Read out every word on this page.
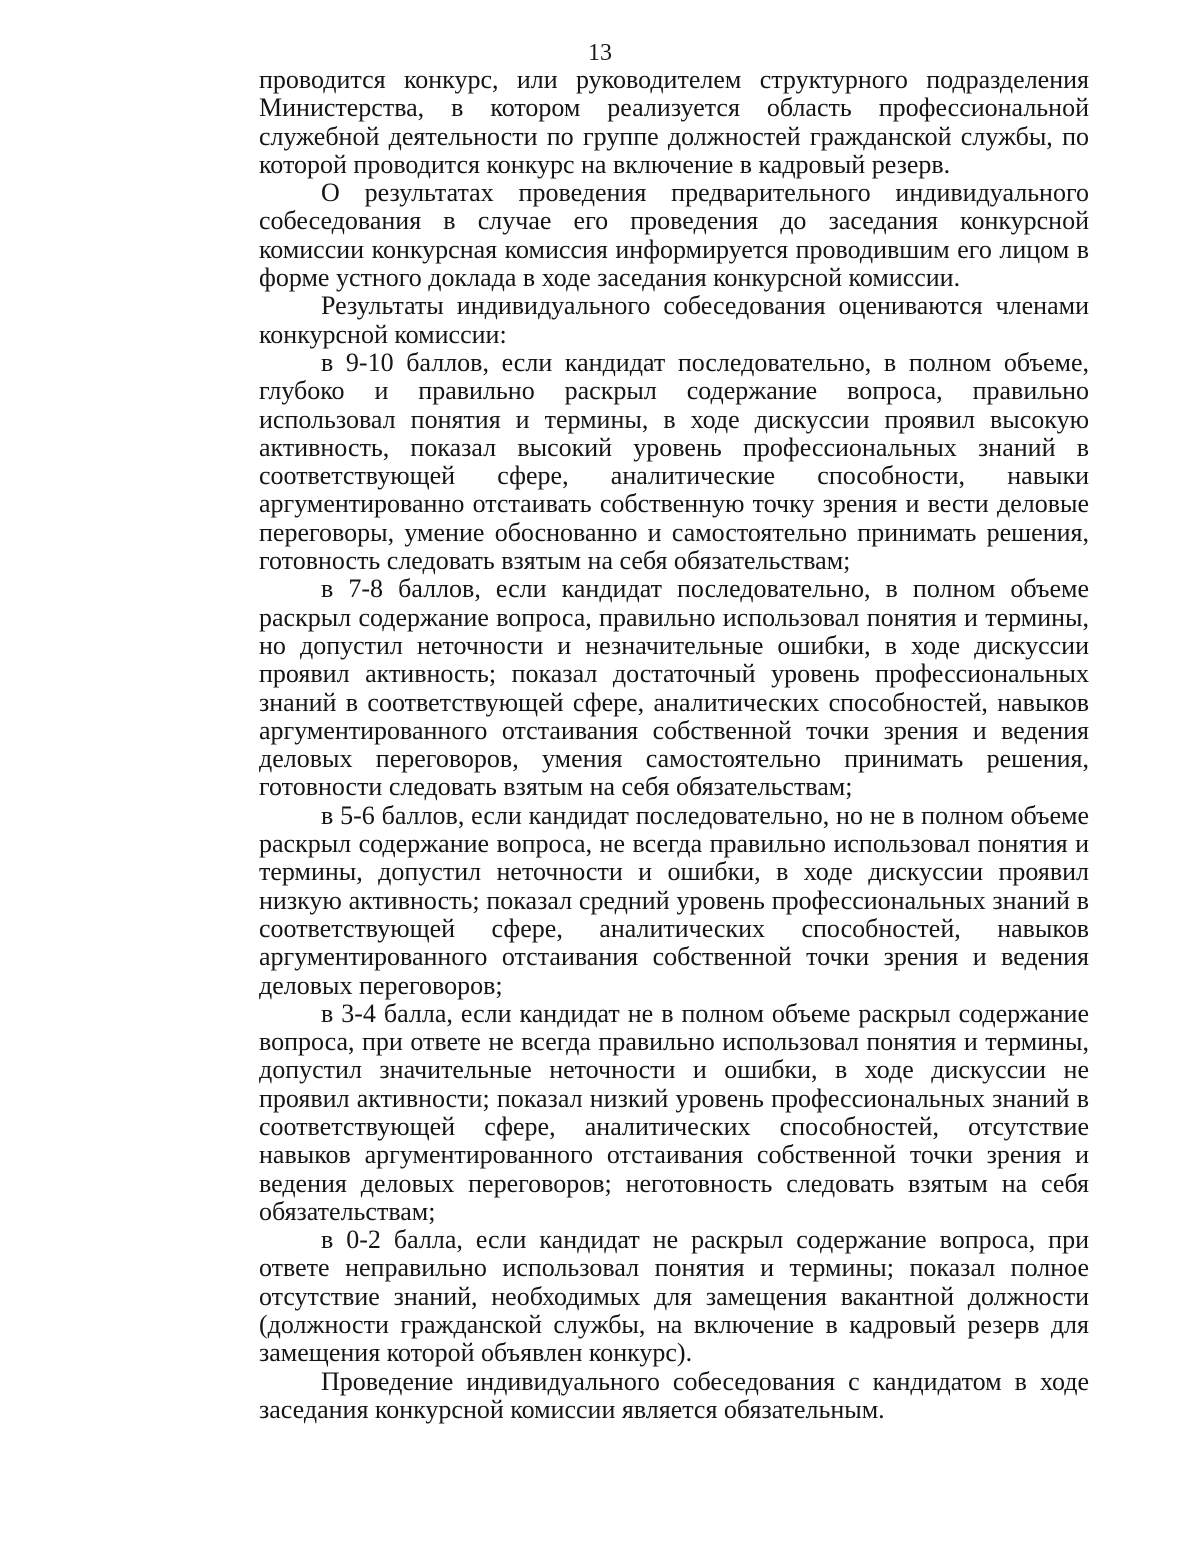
13

проводится конкурс, или руководителем структурного подразделения Министерства, в котором реализуется область профессиональной служебной деятельности по группе должностей гражданской службы, по которой проводится конкурс на включение в кадровый резерв.

О результатах проведения предварительного индивидуального собеседования в случае его проведения до заседания конкурсной комиссии конкурсная комиссия информируется проводившим его лицом в форме устного доклада в ходе заседания конкурсной комиссии.

Результаты индивидуального собеседования оцениваются членами конкурсной комиссии:

в 9-10 баллов, если кандидат последовательно, в полном объеме, глубоко и правильно раскрыл содержание вопроса, правильно использовал понятия и термины, в ходе дискуссии проявил высокую активность, показал высокий уровень профессиональных знаний в соответствующей сфере, аналитические способности, навыки аргументированно отстаивать собственную точку зрения и вести деловые переговоры, умение обоснованно и самостоятельно принимать решения, готовность следовать взятым на себя обязательствам;

в 7-8 баллов, если кандидат последовательно, в полном объеме раскрыл содержание вопроса, правильно использовал понятия и термины, но допустил неточности и незначительные ошибки, в ходе дискуссии проявил активность; показал достаточный уровень профессиональных знаний в соответствующей сфере, аналитических способностей, навыков аргументированного отстаивания собственной точки зрения и ведения деловых переговоров, умения самостоятельно принимать решения, готовности следовать взятым на себя обязательствам;

в 5-6 баллов, если кандидат последовательно, но не в полном объеме раскрыл содержание вопроса, не всегда правильно использовал понятия и термины, допустил неточности и ошибки, в ходе дискуссии проявил низкую активность; показал средний уровень профессиональных знаний в соответствующей сфере, аналитических способностей, навыков аргументированного отстаивания собственной точки зрения и ведения деловых переговоров;

в 3-4 балла, если кандидат не в полном объеме раскрыл содержание вопроса, при ответе не всегда правильно использовал понятия и термины, допустил значительные неточности и ошибки, в ходе дискуссии не проявил активности; показал низкий уровень профессиональных знаний в соответствующей сфере, аналитических способностей, отсутствие навыков аргументированного отстаивания собственной точки зрения и ведения деловых переговоров; неготовность следовать взятым на себя обязательствам;

в 0-2 балла, если кандидат не раскрыл содержание вопроса, при ответе неправильно использовал понятия и термины; показал полное отсутствие знаний, необходимых для замещения вакантной должности (должности гражданской службы, на включение в кадровый резерв для замещения которой объявлен конкурс).

Проведение индивидуального собеседования с кандидатом в ходе заседания конкурсной комиссии является обязательным.
